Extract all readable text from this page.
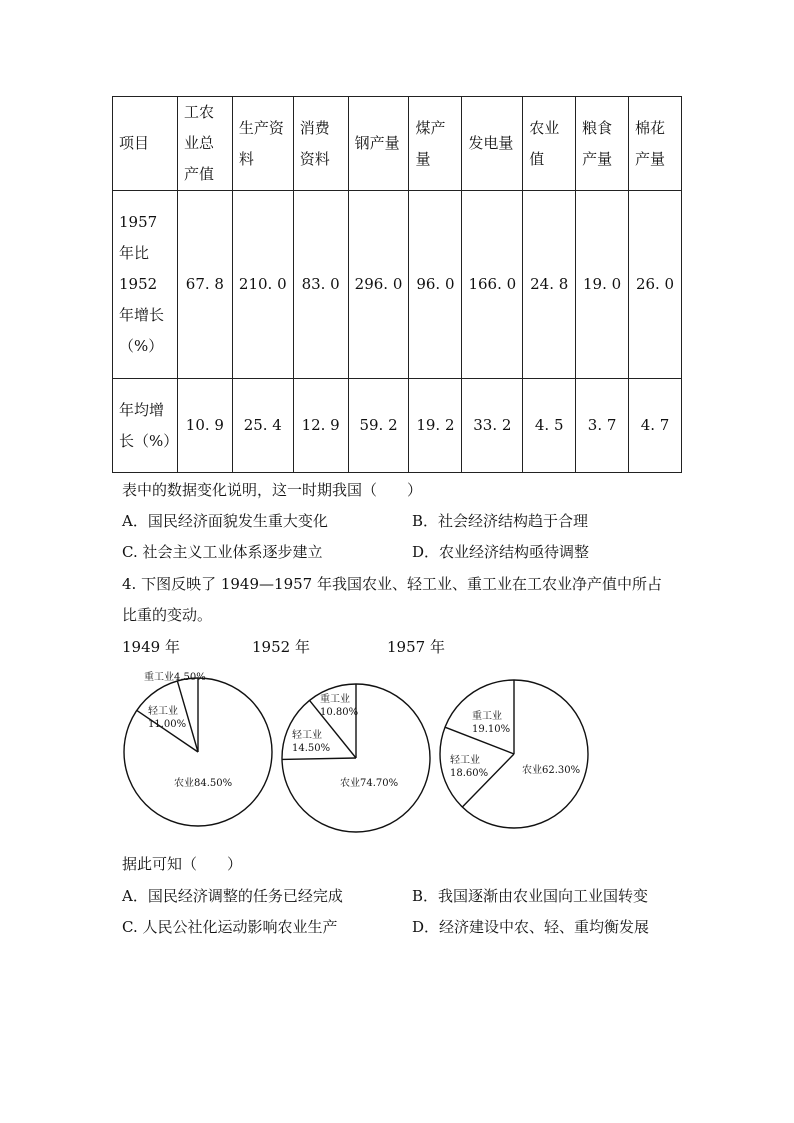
项目	工农业总产值	生产资料	消费资料	钢产量	煤产量	发电量	农业值	粮食产量	棉花产量
1957年比1952年增长（%）	67. 8	210. 0	83. 0	296. 0	96. 0	166. 0	24. 8	19. 0	26. 0
年均增长（%）	10. 9	25. 4	12. 9	59. 2	19. 2	33. 2	4. 5	3. 7	4. 7
表中的数据变化说明，这一时期我国（　　）
A．国民经济面貌发生重大变化	B．社会经济结构趋于合理
C. 社会主义工业体系逐步建立	D．农业经济结构亟待调整
4. 下图反映了 1949—1957 年我国农业、轻工业、重工业在工农业净产值中所占
比重的变动。
1949 年	1952 年	1957 年
重工业4.50%
轻工业
11.00%
农业84.50%
重工业
10.80%
轻工业
14.50%
农业74.70%
重工业
19.10%
轻工业
18.60%	农业62.30%
据此可知（　　）
A．国民经济调整的任务已经完成	B．我国逐渐由农业国向工业国转变
C. 人民公社化运动影响农业生产	D．经济建设中农、轻、重均衡发展
